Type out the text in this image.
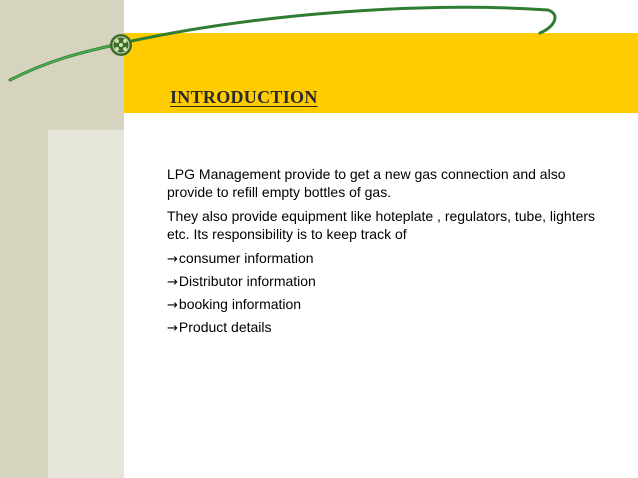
INTRODUCTION

LPG Management provide to get a new gas connection and also provide to refill empty bottles of gas.

They also provide equipment like hoteplate , regulators, tube, lighters etc. Its responsibility is to keep track of

→consumer information
→Distributor information
→booking information
→Product details
